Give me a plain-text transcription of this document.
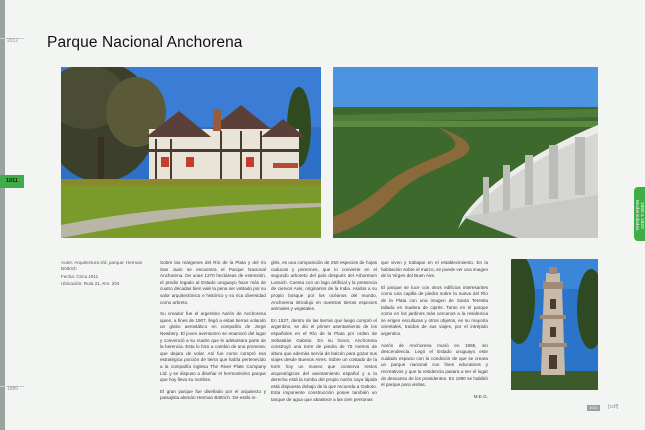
2012
1911
1880
1880 a 1920
Modernidades
Parque Nacional Anchorena
Autor: Arquitectura s/d, parque: Herman Böttrich
Fecha: Circa 1911
Ubicación: Ruta 21, Km. 204

Sobre las márgenes del Río de la Plata y del río San Juan se encuentra el Parque Nacional Anchorena. De unas 1370 hectáreas de extensión, el predio legado al Estado uruguayo hace más de cuatro décadas bien vale la pena ser visitado por su valor arquitectónico e histórico y su rica diversidad como arbreto.

Su creador fue el argentino Aarón de Anchorena quien, a fines de 1907, llegó a estas tierras volando un globo aerostático en compañía de Jorge Newbery. El joven aventurero se enamoró del lugar y convenció a su madre que le adelantara parte de la herencia. Esta lo hizo a cambio de una promesa: que dejara de volar. Así fue como compró esa estratégica porción de tierra que había pertenecido a la compañía inglesa The River Plate Company Ltd. y se dispuso a diseñar el hermosísimo parque que hoy lleva su nombre.

El gran parque fue diseñado por el arquitecto y paisajista alemán Herman Böttrich. De estilo in-

glés, es una composición de 250 especies de hojas caducas y perennes, que lo convierte en el segundo arboreto del país después del Arboretum Lussich. Cuenta con un lago artificial y la presencia de ciervos Axis, originarios de la India. Asidos a su propio bosque por los océanos del mundo, Anchorena introdujo en nuestras tierras especies animales y vegetales.

En 1527, dentro de las tierras que luego compró el argentino, se dio el primer asentamiento de los españoles en el Río de la Plata por orden de Sebastián Gaboto. En su honor, Anchorena construyó una torre de piedra de 75 metros de altura que además servía de balcón para gozar sus viajes desde Buenos Aires. Sobre un costado de la torre hoy un museo que conserva restos arqueológicos del asentamiento español y a la derecha está la tumba del propio Aarón cuya lápida está dispuesta debajo de la que recuerda a Gaboto. Esta imponente construcción posee también un tanque de agua que abastece a las cien personas

que viven y trabajan en el establecimiento. En la habitación sobre el marco, se puede ver una imagen de la Virgen del Buen Aire.

El parque se luce con otros edificios interesantes como una capilla de piedra sobre la nueva del Río de la Plata con una imagen de Santa Teresita tallada en madera de ciprés. Tanto en el parque como en los jardines más cercanos a la residencia se erigen esculturas y otros objetos, en su mayoría orientales, traídos de sus viajes, por el intrépido argentino.

Aarón de Anchorena murió en 1965, sin descendencia. Legó el Estado uruguayo este cuidado espacio con la condición de que se creara un parque nacional con fines educativos y recreativos y que la residencia pasara a ser el lugar de descanso de los presidentes. En 1990 se habilitó el parque para visitas.

M.E.G.

2013	[cdf]
